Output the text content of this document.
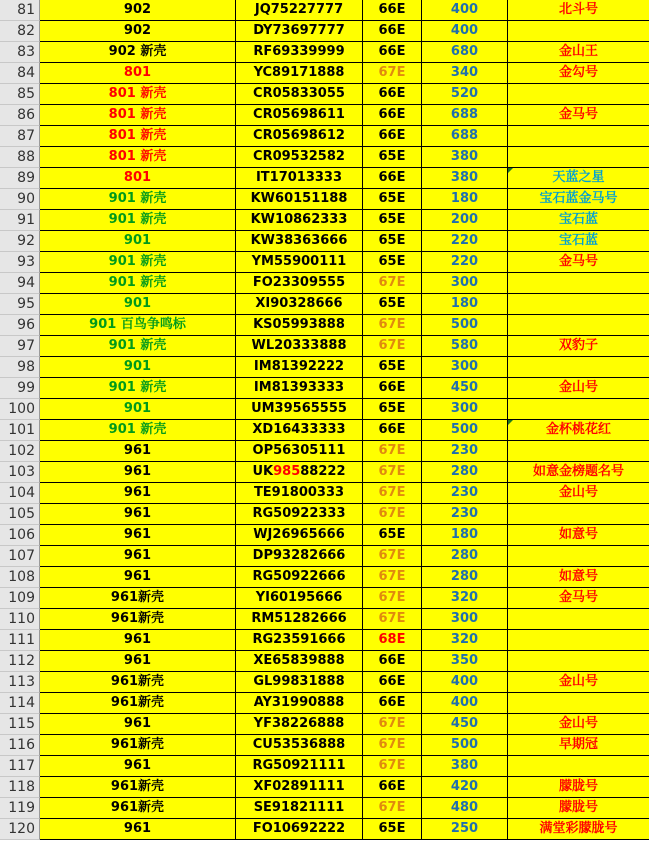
81	902	JQ75227777	66E	400	北斗号
82	902	DY73697777	66E	400
83	902 新壳	RF69339999	66E	680	金山王
84	801	YC89171888	67E	340	金勾号
85	801 新壳	CR05833055	66E	520
86	801 新壳	CR05698611	66E	688	金马号
87	801 新壳	CR05698612	66E	688
88	801 新壳	CR09532582	65E	380
89	801	IT17013333	66E	380	天蓝之星
90	901 新壳	KW60151188	65E	180	宝石蓝金马号
91	901 新壳	KW10862333	65E	200	宝石蓝
92	901	KW38363666	65E	220	宝石蓝
93	901 新壳	YM55900111	65E	220	金马号
94	901 新壳	FO23309555	67E	300
95	901	XI90328666	65E	180
96	901 百鸟争鸣标	KS05993888	67E	500
97	901 新壳	WL20333888	67E	580	双豹子
98	901	IM81392222	65E	300
99	901 新壳	IM81393333	66E	450	金山号
100	901	UM39565555	65E	300
101	901 新壳	XD16433333	66E	500	金杯桃花红
102	961	OP56305111	67E	230
103	961	UK98588222	67E	280	如意金榜题名号
104	961	TE91800333	67E	230	金山号
105	961	RG50922333	67E	230
106	961	WJ26965666	65E	180	如意号
107	961	DP93282666	67E	280
108	961	RG50922666	67E	280	如意号
109	961新壳	YI60195666	67E	320	金马号
110	961新壳	RM51282666	67E	300
111	961	RG23591666	68E	320
112	961	XE65839888	66E	350
113	961新壳	GL99831888	66E	400	金山号
114	961新壳	AY31990888	66E	400
115	961	YF38226888	67E	450	金山号
116	961新壳	CU53536888	67E	500	早期冠
117	961	RG50921111	67E	380
118	961新壳	XF02891111	66E	420	朦胧号
119	961新壳	SE91821111	67E	480	朦胧号
120	961	FO10692222	65E	250	满堂彩朦胧号
